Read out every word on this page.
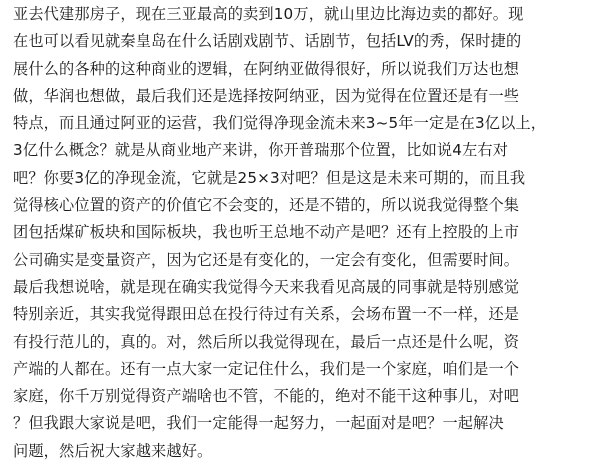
亚去代建那房子，现在三亚最高的卖到10万，就山里边比海边卖的都好。现
在也可以看见就秦皇岛在什么话剧戏剧节、话剧节，包括LV的秀，保时捷的
展什么的各种的这种商业的逻辑，在阿纳亚做得很好，所以说我们万达也想
做，华润也想做，最后我们还是选择按阿纳亚，因为觉得在位置还是有一些
特点，而且通过阿亚的运营，我们觉得净现金流未来3~5年一定是在3亿以上，
3亿什么概念？就是从商业地产来讲，你开普瑞那个位置，比如说4左右对
吧？你要3亿的净现金流，它就是25×3对吧？但是这是未来可期的，而且我
觉得核心位置的资产的价值它不会变的，还是不错的，所以说我觉得整个集
团包括煤矿板块和国际板块，我也听王总地不动产是吧？还有上控股的上市
公司确实是变量资产，因为它还是有变化的，一定会有变化，但需要时间。
最后我想说啥，就是现在确实我觉得今天来我看见高晟的同事就是特别感觉
特别亲近，其实我觉得跟田总在投行待过有关系，会场布置一不一样，还是
有投行范儿的，真的。对，然后所以我觉得现在，最后一点还是什么呢，资
产端的人都在。还有一点大家一定记住什么，我们是一个家庭，咱们是一个
家庭，你千万别觉得资产端啥也不管，不能的，绝对不能干这种事儿，对吧
？但我跟大家说是吧，我们一定能得一起努力，一起面对是吧？一起解决
问题，然后祝大家越来越好。
